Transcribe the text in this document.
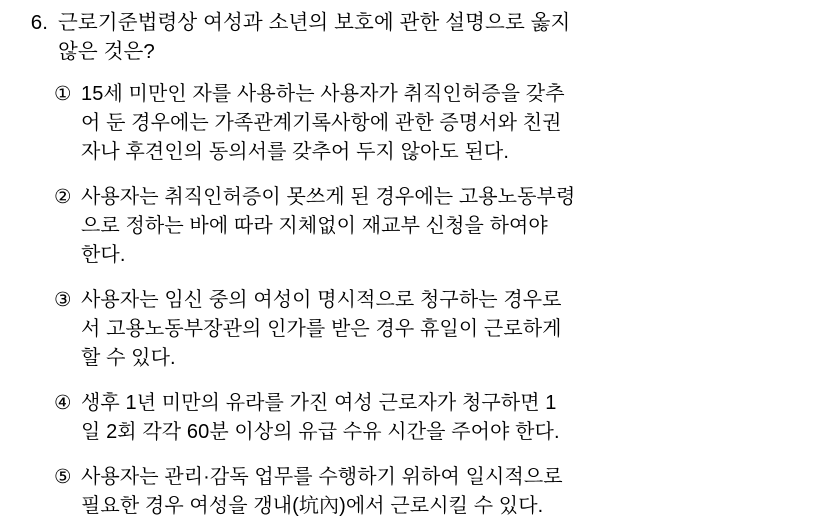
6. 근로기준법령상 여성과 소년의 보호에 관한 설명으로 옳지
않은 것은?
① 15세 미만인 자를 사용하는 사용자가 취직인허증을 갖추
어 둔 경우에는 가족관계기록사항에 관한 증명서와 친권
자나 후견인의 동의서를 갖추어 두지 않아도 된다.
② 사용자는 취직인허증이 못쓰게 된 경우에는 고용노동부령
으로 정하는 바에 따라 지체없이 재교부 신청을 하여야
한다.
③ 사용자는 임신 중의 여성이 명시적으로 청구하는 경우로
서 고용노동부장관의 인가를 받은 경우 휴일이 근로하게
할 수 있다.
④ 생후 1년 미만의 유라를 가진 여성 근로자가 청구하면 1
일 2회 각각 60분 이상의 유급 수유 시간을 주어야 한다.
⑤ 사용자는 관리·감독 업무를 수행하기 위하여 일시적으로
필요한 경우 여성을 갱내(坑內)에서 근로시킬 수 있다.
